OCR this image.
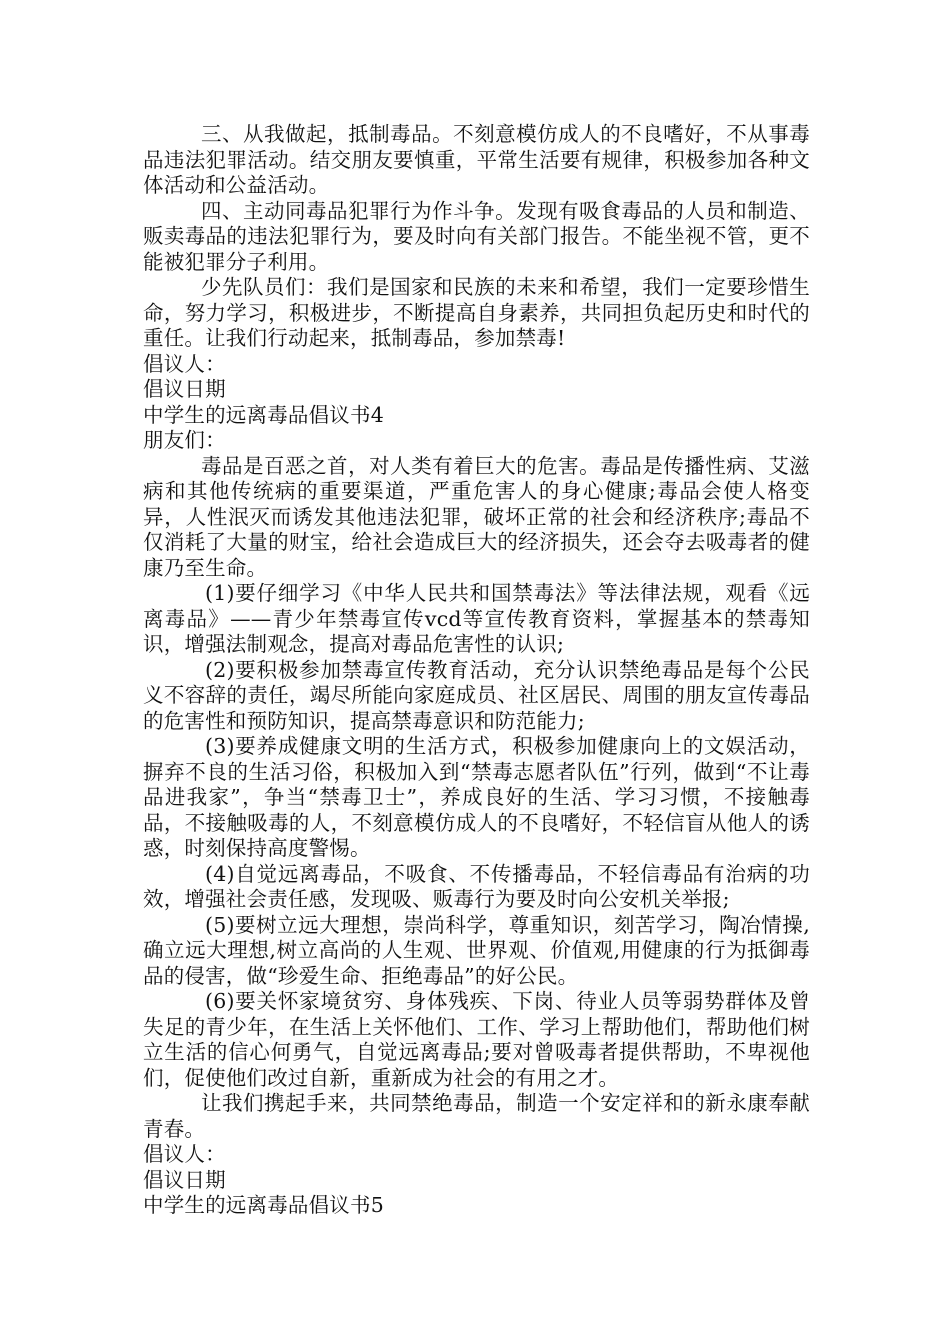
三、从我做起，抵制毒品。不刻意模仿成人的不良嗜好，不从事毒品违法犯罪活动。结交朋友要慎重，平常生活要有规律，积极参加各种文体活动和公益活动。

四、主动同毒品犯罪行为作斗争。发现有吸食毒品的人员和制造、贩卖毒品的违法犯罪行为，要及时向有关部门报告。不能坐视不管，更不能被犯罪分子利用。

少先队员们：我们是国家和民族的未来和希望，我们一定要珍惜生命，努力学习，积极进步，不断提高自身素养，共同担负起历史和时代的重任。让我们行动起来，抵制毒品，参加禁毒!

倡议人：

倡议日期

中学生的远离毒品倡议书4

朋友们：

毒品是百恶之首，对人类有着巨大的危害。毒品是传播性病、艾滋病和其他传统病的重要渠道，严重危害人的身心健康;毒品会使人格变异，人性泯灭而诱发其他违法犯罪，破坏正常的社会和经济秩序;毒品不仅消耗了大量的财宝，给社会造成巨大的经济损失，还会夺去吸毒者的健康乃至生命。

(1)要仔细学习《中华人民共和国禁毒法》等法律法规，观看《远离毒品》——青少年禁毒宣传vcd等宣传教育资料，掌握基本的禁毒知识，增强法制观念，提高对毒品危害性的认识;

(2)要积极参加禁毒宣传教育活动，充分认识禁绝毒品是每个公民义不容辞的责任，竭尽所能向家庭成员、社区居民、周围的朋友宣传毒品的危害性和预防知识，提高禁毒意识和防范能力;

(3)要养成健康文明的生活方式，积极参加健康向上的文娱活动，摒弃不良的生活习俗，积极加入到“禁毒志愿者队伍”行列，做到“不让毒品进我家”，争当“禁毒卫士”，养成良好的生活、学习习惯，不接触毒品，不接触吸毒的人，不刻意模仿成人的不良嗜好，不轻信盲从他人的诱惑，时刻保持高度警惕。

(4)自觉远离毒品，不吸食、不传播毒品，不轻信毒品有治病的功效，增强社会责任感，发现吸、贩毒行为要及时向公安机关举报;

(5)要树立远大理想，崇尚科学，尊重知识，刻苦学习，陶冶情操,确立远大理想,树立高尚的人生观、世界观、价值观,用健康的行为抵御毒品的侵害，做“珍爱生命、拒绝毒品”的好公民。

(6)要关怀家境贫穷、身体残疾、下岗、待业人员等弱势群体及曾失足的青少年，在生活上关怀他们、工作、学习上帮助他们，帮助他们树立生活的信心何勇气，自觉远离毒品;要对曾吸毒者提供帮助，不卑视他们，促使他们改过自新，重新成为社会的有用之才。

让我们携起手来，共同禁绝毒品，制造一个安定祥和的新永康奉献青春。

倡议人：

倡议日期

中学生的远离毒品倡议书5
